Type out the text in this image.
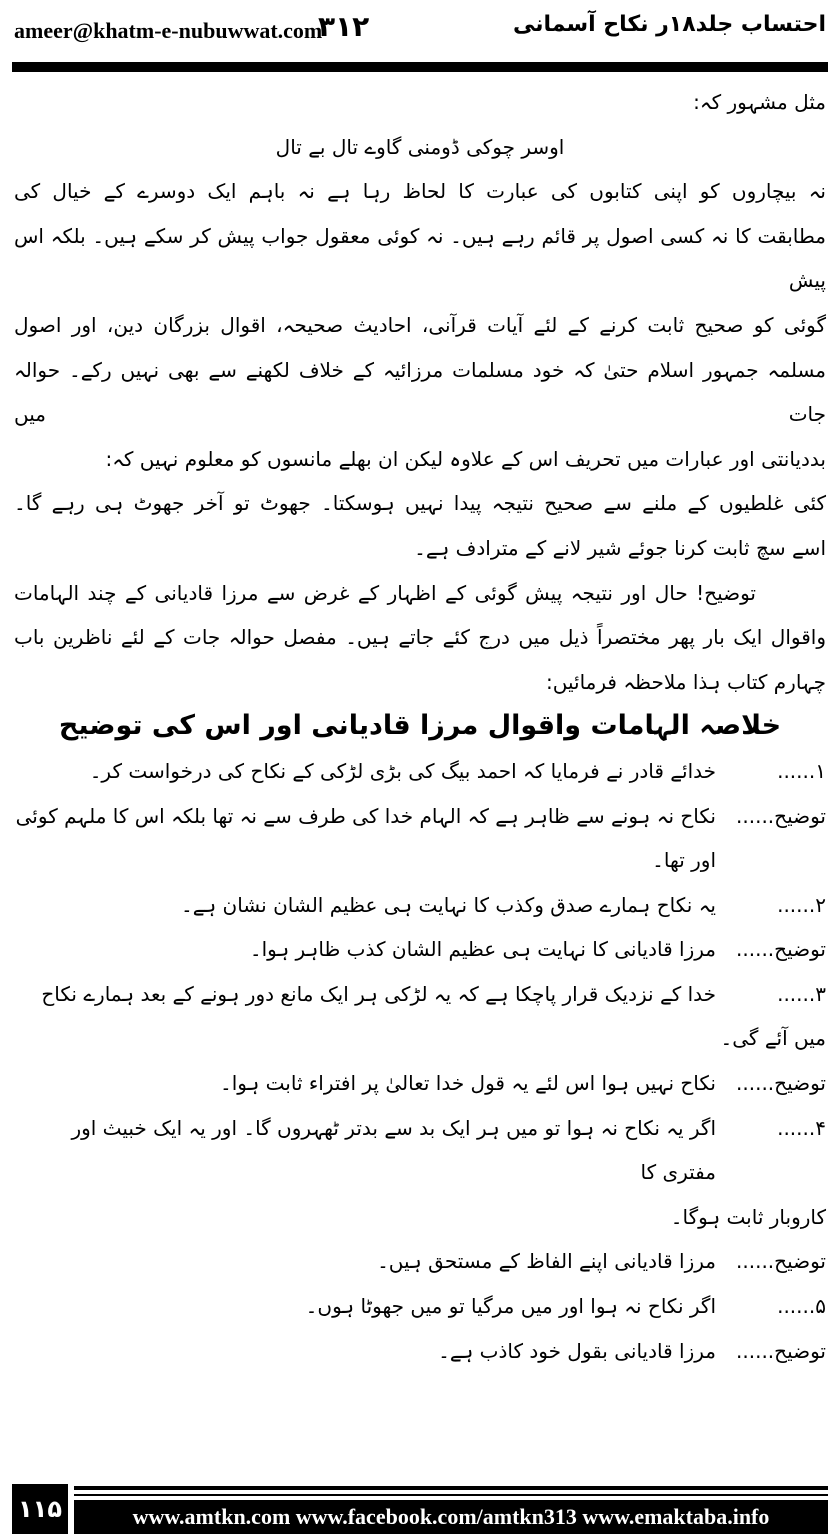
ameer@khatm-e-nubuwwat.com
۳۱۲	احتساب جلد۱۸ر نکاح آسمانی
مثل مشہور کہ:
اوسر چوکی ڈومنی گاوے تال بے تال
نہ بیچاروں کو اپنی کتابوں کی عبارت کا لحاظ رہا ہے نہ باہم ایک دوسرے کے خیال کی
مطابقت کا نہ کسی اصول پر قائم رہے ہیں۔ نہ کوئی معقول جواب پیش کر سکے ہیں۔ بلکہ اس پیش
گوئی کو صحیح ثابت کرنے کے لئے آیات قرآنی، احادیث صحیحہ، اقوال بزرگان دین، اور اصول
مسلمہ جمہور اسلام حتیٰ کہ خود مسلمات مرزائیہ کے خلاف لکھنے سے بھی نہیں رکے۔ حوالہ جات میں
بددیانتی اور عبارات میں تحریف اس کے علاوہ لیکن ان بھلے مانسوں کو معلوم نہیں کہ:
کئی غلطیوں کے ملنے سے صحیح نتیجہ پیدا نہیں ہوسکتا۔ جھوٹ تو آخر جھوٹ ہی رہے گا۔
اسے سچ ثابت کرنا جوئے شیر لانے کے مترادف ہے۔
توضیح! حال اور نتیجہ پیش گوئی کے اظہار کے غرض سے مرزا قادیانی کے چند الہامات
واقوال ایک بار پھر مختصراً ذیل میں درج کئے جاتے ہیں۔ مفصل حوالہ جات کے لئے ناظرین باب
چہارم کتاب ہذا ملاحظہ فرمائیں:
خلاصہ الہامات واقوال مرزا قادیانی اور اس کی توضیح
۱......
خدائے قادر نے فرمایا کہ احمد بیگ کی بڑی لڑکی کے نکاح کی درخواست کر۔
توضیح......
نکاح نہ ہونے سے ظاہر ہے کہ الہام خدا کی طرف سے نہ تھا بلکہ اس کا ملہم کوئی اور تھا۔
۲......
یہ نکاح ہمارے صدق وکذب کا نہایت ہی عظیم الشان نشان ہے۔
توضیح......
مرزا قادیانی کا نہایت ہی عظیم الشان کذب ظاہر ہوا۔
۳......
خدا کے نزدیک قرار پاچکا ہے کہ یہ لڑکی ہر ایک مانع دور ہونے کے بعد ہمارے نکاح
میں آئے گی۔
توضیح......
نکاح نہیں ہوا اس لئے یہ قول خدا تعالیٰ پر افتراء ثابت ہوا۔
۴......
اگر یہ نکاح نہ ہوا تو میں ہر ایک بد سے بدتر ٹھہروں گا۔ اور یہ ایک خبیث اور مفتری کا
کاروبار ثابت ہوگا۔
توضیح......
مرزا قادیانی اپنے الفاظ کے مستحق ہیں۔
۵......
اگر نکاح نہ ہوا اور میں مرگیا تو میں جھوٹا ہوں۔
توضیح......
مرزا قادیانی بقول خود کاذب ہے۔
۱۱۵	www.amtkn.com www.facebook.com/amtkn313 www.emaktaba.info
